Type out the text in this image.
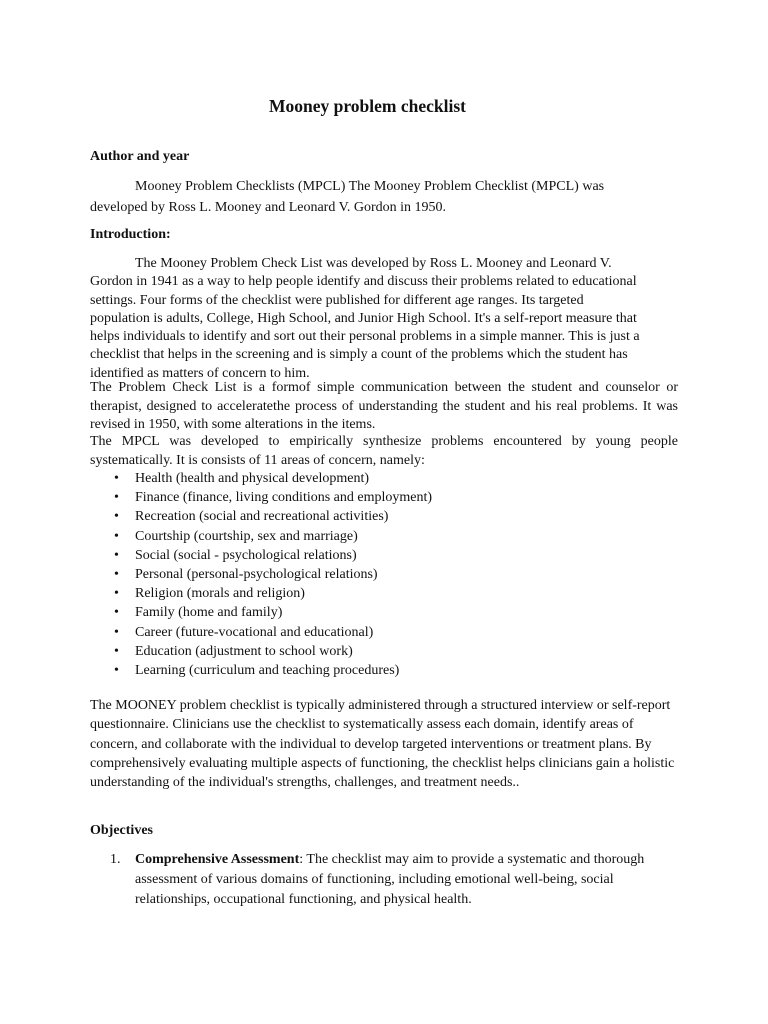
Mooney problem checklist
Author and year
Mooney Problem Checklists (MPCL) The Mooney Problem Checklist (MPCL) was developed by Ross L. Mooney and Leonard V. Gordon in 1950.
Introduction:
The Mooney Problem Check List was developed by Ross L. Mooney and Leonard V. Gordon in 1941 as a way to help people identify and discuss their problems related to educational settings. Four forms of the checklist were published for different age ranges. Its targeted population is adults, College, High School, and Junior High School. It's a self-report measure that helps individuals to identify and sort out their personal problems in a simple manner. This is just a checklist that helps in the screening and is simply a count of the problems which the student has identified as matters of concern to him.
The Problem Check List is a formof simple communication between the student and counselor or therapist, designed to acceleratethe process of understanding the student and his real problems. It was revised in 1950, with some alterations in the items.
The MPCL was developed to empirically synthesize problems encountered by young people systematically. It is consists of 11 areas of concern, namely:
• Health (health and physical development)
• Finance (finance, living conditions and employment)
• Recreation (social and recreational activities)
• Courtship (courtship, sex and marriage)
• Social (social - psychological relations)
• Personal (personal-psychological relations)
• Religion (morals and religion)
• Family (home and family)
• Career (future-vocational and educational)
• Education (adjustment to school work)
• Learning (curriculum and teaching procedures)
The MOONEY problem checklist is typically administered through a structured interview or self-report questionnaire. Clinicians use the checklist to systematically assess each domain, identify areas of concern, and collaborate with the individual to develop targeted interventions or treatment plans. By comprehensively evaluating multiple aspects of functioning, the checklist helps clinicians gain a holistic understanding of the individual's strengths, challenges, and treatment needs..
Objectives
1. Comprehensive Assessment: The checklist may aim to provide a systematic and thorough assessment of various domains of functioning, including emotional well-being, social relationships, occupational functioning, and physical health.
